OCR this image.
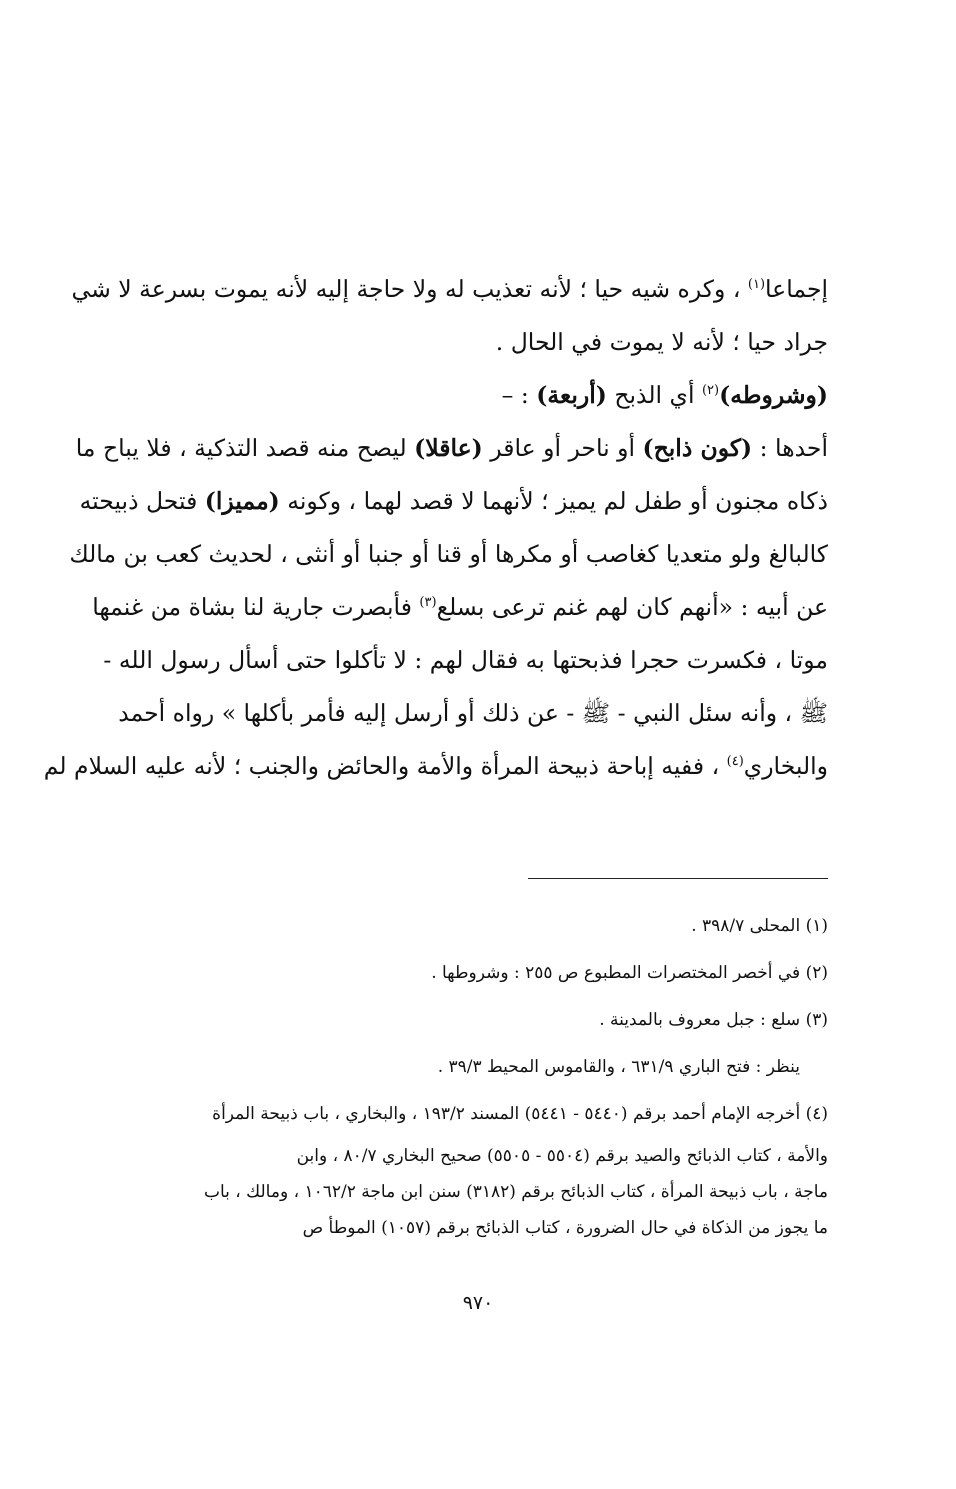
إجماعا$^{(١)}$ ، وكره شيه حيا ؛ لأنه تعذيب له ولا حاجة إليه لأنه يموت بسرعة لا شي
جراد حيا ؛ لأنه لا يموت في الحال .
(وشروطه)$^{(٢)}$ أي الذبح (أربعة) : –
أحدها : (كون ذابح) أو ناحر أو عاقر (عاقلا) ليصح منه قصد التذكية ، فلا يباح ما
ذكاه مجنون أو طفل لم يميز ؛ لأنهما لا قصد لهما ، وكونه (مميزا) فتحل ذبيحته
كالبالغ ولو متعديا كغاصب أو مكرها أو قنا أو جنبا أو أنثى ، لحديث كعب بن مالك
عن أبيه : «أنهم كان لهم غنم ترعى بسلع$^{(٣)}$ فأبصرت جارية لنا بشاة من غنمها
موتا ، فكسرت حجرا فذبحتها به فقال لهم : لا تأكلوا حتى أسأل رسول الله -
ﷺ ، وأنه سئل النبي - ﷺ - عن ذلك أو أرسل إليه فأمر بأكلها » رواه أحمد
والبخاري$^{(٤)}$ ، ففيه إباحة ذبيحة المرأة والأمة والحائض والجنب ؛ لأنه عليه السلام لم
(١) المحلى ٣٩٨/٧ .
(٢) في أخصر المختصرات المطبوع ص ٢٥٥ : وشروطها .
(٣) سلع : جبل معروف بالمدينة .
ينظر : فتح الباري ٦٣١/٩ ، والقاموس المحيط ٣٩/٣ .
(٤) أخرجه الإمام أحمد برقم (٥٤٤٠ - ٥٤٤١) المسند ١٩٣/٢ ، والبخاري ، باب ذبيحة المرأة
والأمة ، كتاب الذبائح والصيد برقم (٥٥٠٤ - ٥٥٠٥) صحيح البخاري ٨٠/٧ ، وابن
ماجة ، باب ذبيحة المرأة ، كتاب الذبائح برقم (٣١٨٢) سنن ابن ماجة ١٠٦٢/٢ ، ومالك ، باب
ما يجوز من الذكاة في حال الضرورة ، كتاب الذبائح برقم (١٠٥٧) الموطأ ص
٩٧٠
